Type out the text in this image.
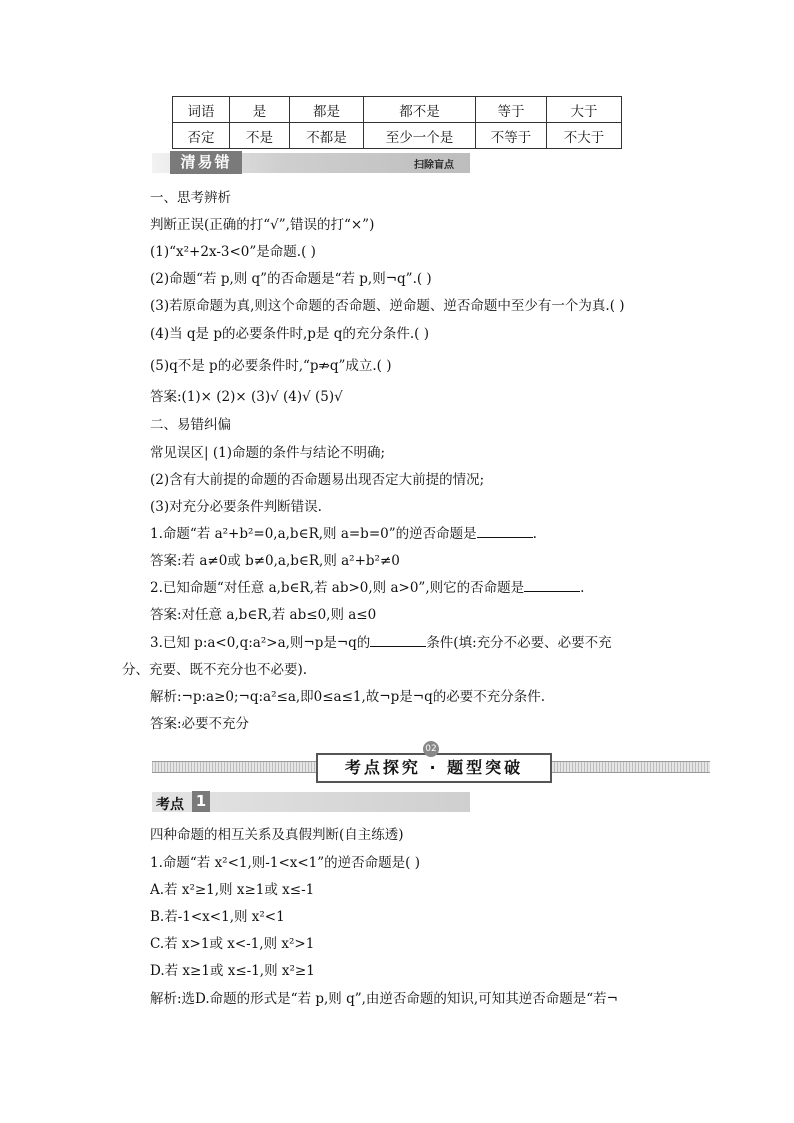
词语	是	都是	都不是	等于	大于
否定	不是	不都是	至少一个是	不等于	不大于
清易错	扫除盲点
一、思考辨析
判断正误(正确的打“√”,错误的打“×”)
(1)“x²+2x-3<0”是命题.( )
(2)命题“若 p,则 q”的否命题是“若 p,则¬q”.( )
(3)若原命题为真,则这个命题的否命题、逆命题、逆否命题中至少有一个为真.( )
(4)当 q是 p的必要条件时,p是 q的充分条件.( )
(5)q不是 p的必要条件时,“p⇏q”成立.( )
答案:(1)× (2)× (3)√ (4)√ (5)√
二、易错纠偏
常见误区| (1)命题的条件与结论不明确;
(2)含有大前提的命题的否命题易出现否定大前提的情况;
(3)对充分必要条件判断错误.
1.命题“若 a²+b²=0,a,b∈R,则 a=b=0”的逆否命题是	.
答案:若 a≠0或 b≠0,a,b∈R,则 a²+b²≠0
2.已知命题“对任意 a,b∈R,若 ab>0,则 a>0”,则它的否命题是	.
答案:对任意 a,b∈R,若 ab≤0,则 a≤0
3.已知 p:a<0,q:a²>a,则¬p是¬q的	条件(填:充分不必要、必要不充
分、充要、既不充分也不必要).
解析:¬p:a≥0;¬q:a²≤a,即0≤a≤1,故¬p是¬q的必要不充分条件.
答案:必要不充分
考点探究 · 题型突破
02
考点 1
四种命题的相互关系及真假判断(自主练透)
1.命题“若 x²<1,则-1<x<1”的逆否命题是( )
A.若 x²≥1,则 x≥1或 x≤-1
B.若-1<x<1,则 x²<1
C.若 x>1或 x<-1,则 x²>1
D.若 x≥1或 x≤-1,则 x²≥1
解析:选D.命题的形式是“若 p,则 q”,由逆否命题的知识,可知其逆否命题是“若¬
